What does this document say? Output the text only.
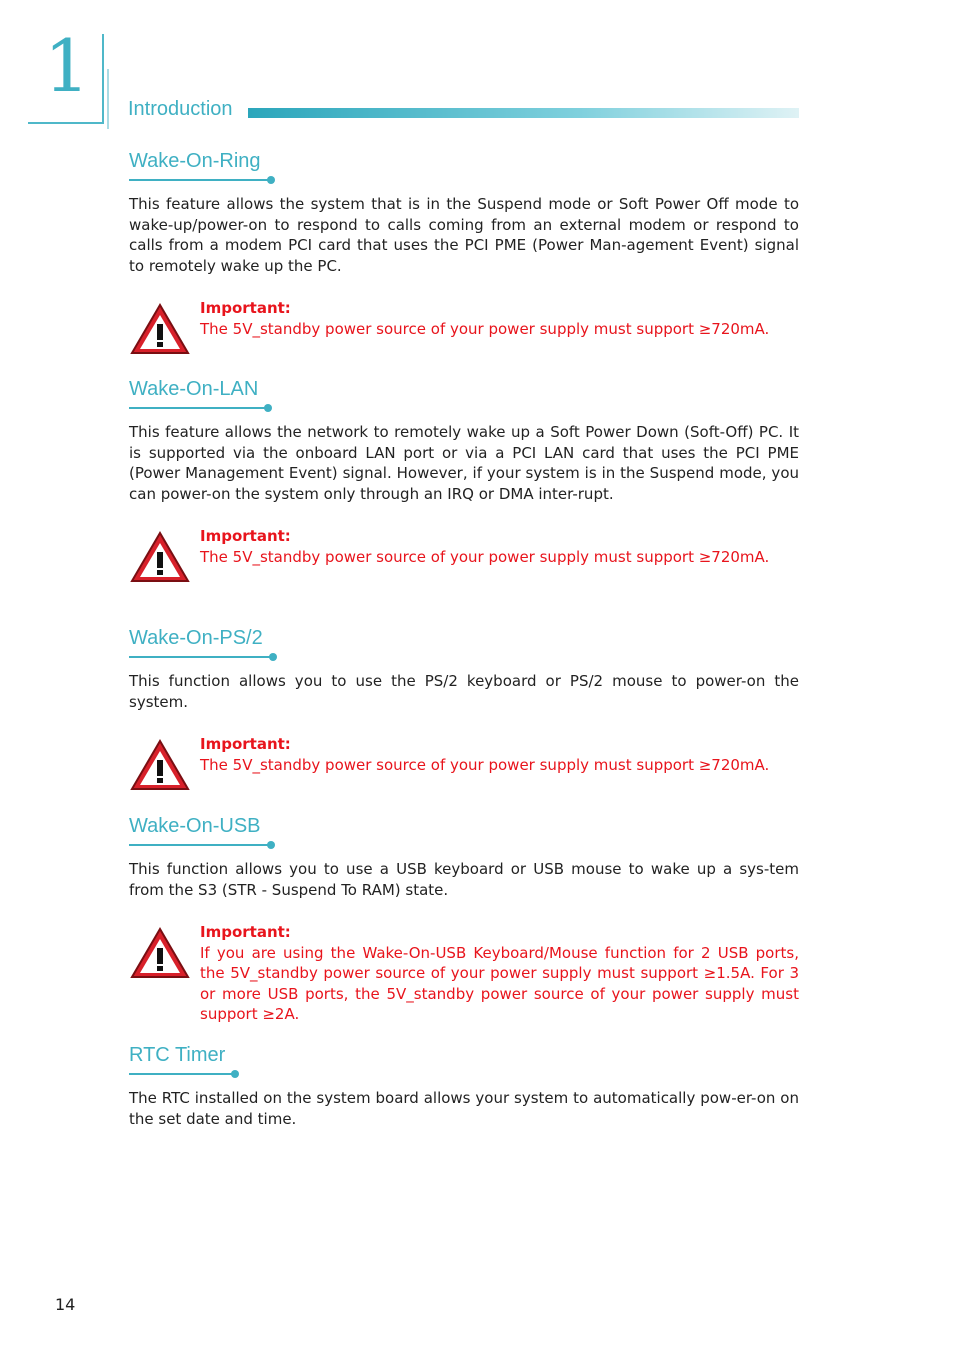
1
Introduction
Wake-On-Ring

This feature allows the system that is in the Suspend mode or Soft Power Off mode to wake-up/power-on to respond to calls coming from an external modem or respond to calls from a modem PCI card that uses the PCI PME (Power Man-agement Event) signal to remotely wake up the PC.

Important:
The 5V_standby power source of your power supply must support ≥720mA.
Wake-On-LAN

This feature allows the network to remotely wake up a Soft Power Down (Soft-Off) PC. It is supported via the onboard LAN port or via a PCI LAN card that uses the PCI PME (Power Management Event) signal. However, if your system is in the Suspend mode, you can power-on the system only through an IRQ or DMA inter-rupt.

Important:
The 5V_standby power source of your power supply must support ≥720mA.
Wake-On-PS/2

This function allows you to use the PS/2 keyboard or PS/2 mouse to power-on the system.

Important:
The 5V_standby power source of your power supply must support ≥720mA.
Wake-On-USB

This function allows you to use a USB keyboard or USB mouse to wake up a sys-tem from the S3 (STR - Suspend To RAM) state.

Important:
If you are using the Wake-On-USB Keyboard/Mouse function for 2 USB ports, the 5V_standby power source of your power supply must support ≥1.5A. For 3 or more USB ports, the 5V_standby power source of your power supply must support ≥2A.
RTC Timer

The RTC installed on the system board allows your system to automatically pow-er-on on the set date and time.

14
